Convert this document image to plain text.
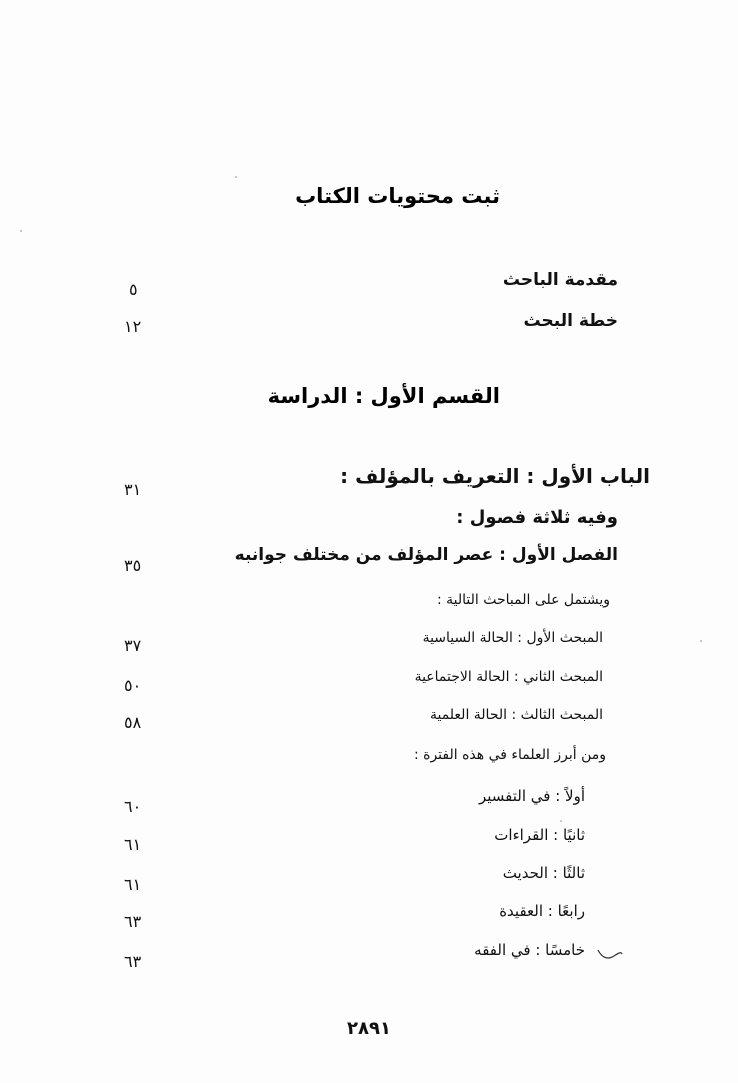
ثبت محتويات الكتاب
مقدمة الباحث
٥
خطة البحث
١٢
القسم الأول : الدراسة
الباب الأول : التعريف بالمؤلف :
٣١
وفيه ثلاثة فصول :
الفصل الأول : عصر المؤلف من مختلف جوانبه
٣٥
ويشتمل على المباحث التالية :
المبحث الأول : الحالة السياسية
٣٧
المبحث الثاني : الحالة الاجتماعية
٥٠
المبحث الثالث : الحالة العلمية
٥٨
ومن أبرز العلماء في هذه الفترة :
أولاً : في التفسير
٦٠
ثانيًا : القراءات
٦١
ثالثًا : الحديث
٦١
رابعًا : العقيدة
٦٣
خامسًا : في الفقه
٦٣
٢٨٩١
